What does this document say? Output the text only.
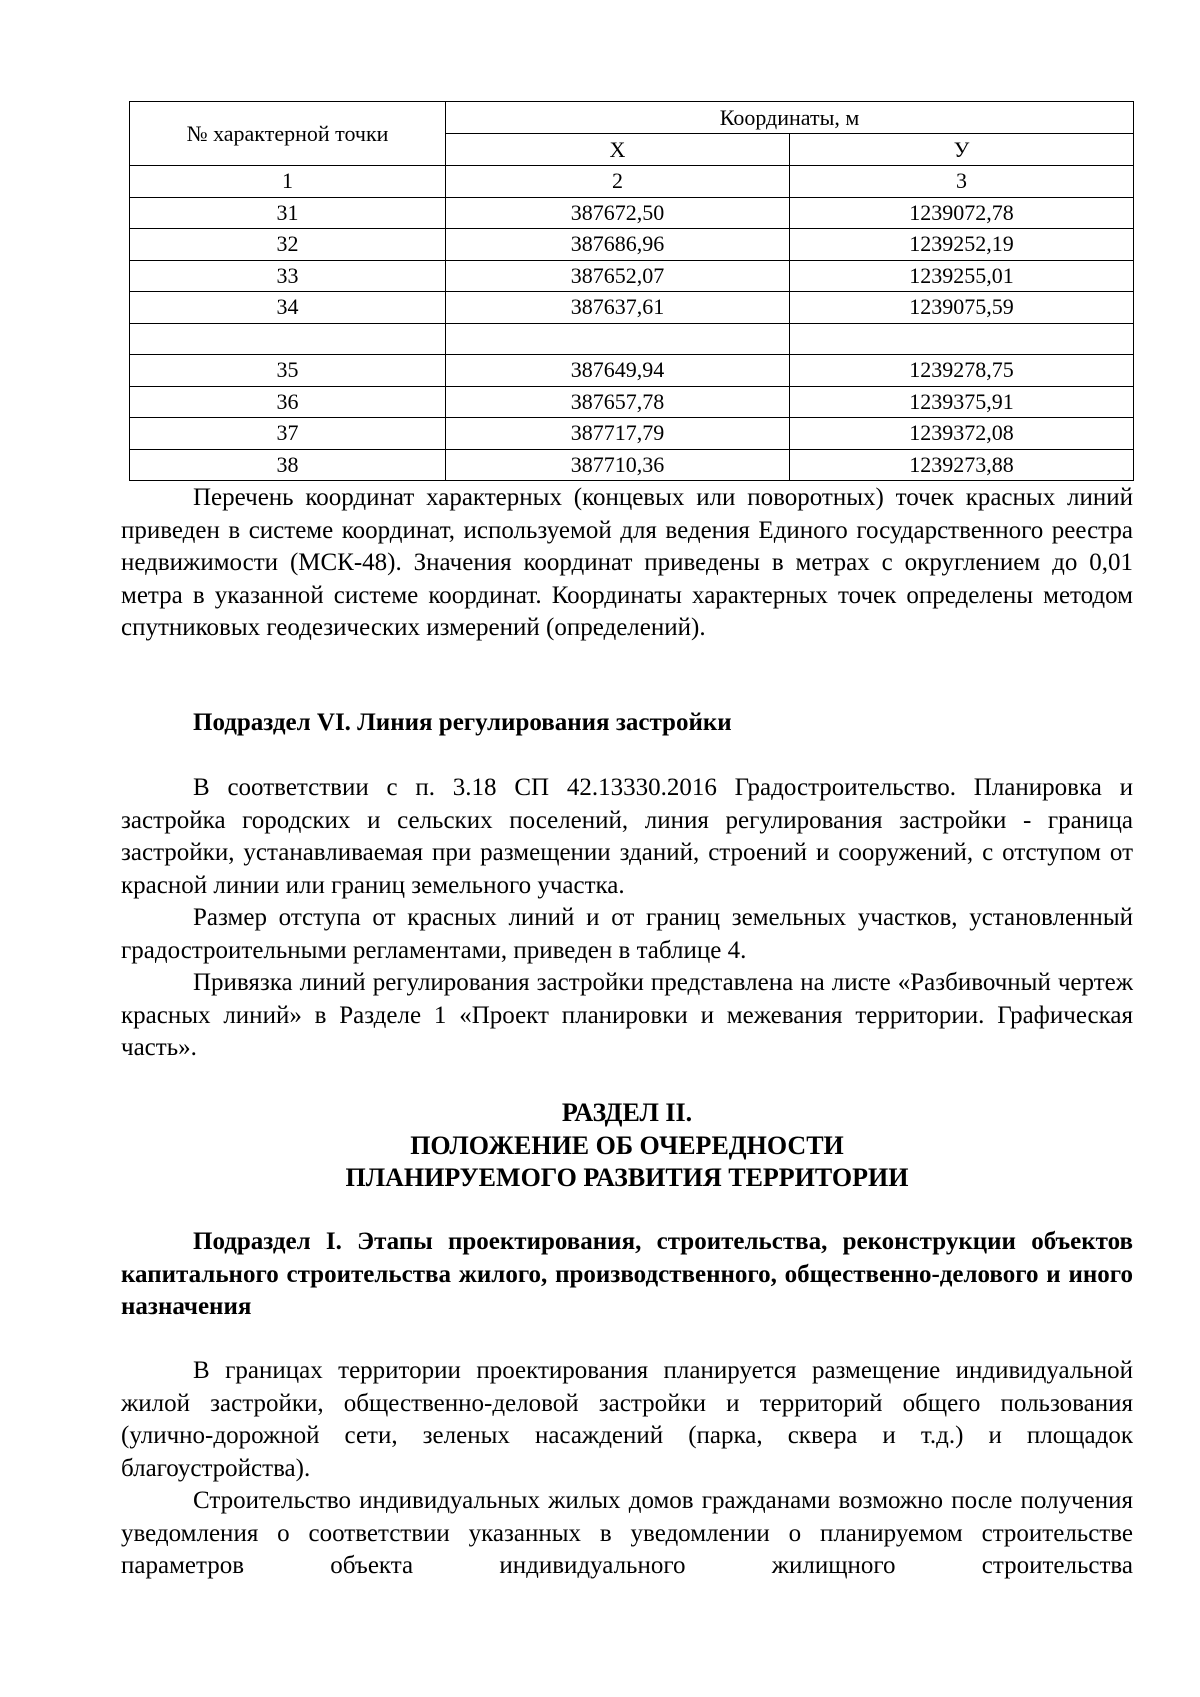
№ характерной точки	Координаты, м	
	Х	У
1	2	3
31	387672,50	1239072,78
32	387686,96	1239252,19
33	387652,07	1239255,01
34	387637,61	1239075,59

35	387649,94	1239278,75
36	387657,78	1239375,91
37	387717,79	1239372,08
38	387710,36	1239273,88

Перечень координат характерных (концевых или поворотных) точек красных линий приведен в системе координат, используемой для ведения Единого государственного реестра недвижимости (МСК-48). Значения координат приведены в метрах с округлением до 0,01 метра в указанной системе координат. Координаты характерных точек определены методом спутниковых геодезических измерений (определений).

Подраздел VI. Линия регулирования застройки

В соответствии с п. 3.18 СП 42.13330.2016 Градостроительство. Планировка и застройка городских и сельских поселений, линия регулирования застройки - граница застройки, устанавливаемая при размещении зданий, строений и сооружений, с отступом от красной линии или границ земельного участка.

Размер отступа от красных линий и от границ земельных участков, установленный градостроительными регламентами, приведен в таблице 4.

Привязка линий регулирования застройки представлена на листе «Разбивочный чертеж красных линий» в Разделе 1 «Проект планировки и межевания территории. Графическая часть».

РАЗДЕЛ II.

ПОЛОЖЕНИЕ ОБ ОЧЕРЕДНОСТИ

ПЛАНИРУЕМОГО РАЗВИТИЯ ТЕРРИТОРИИ

Подраздел I. Этапы проектирования, строительства, реконструкции объектов капитального строительства жилого, производственного, общественно-делового и иного назначения

В границах территории проектирования планируется размещение индивидуальной жилой застройки, общественно-деловой застройки и территорий общего пользования (улично-дорожной сети, зеленых насаждений (парка, сквера и т.д.) и площадок благоустройства).

Строительство индивидуальных жилых домов гражданами возможно после получения уведомления о соответствии указанных в уведомлении о планируемом строительстве параметров объекта индивидуального жилищного строительства
